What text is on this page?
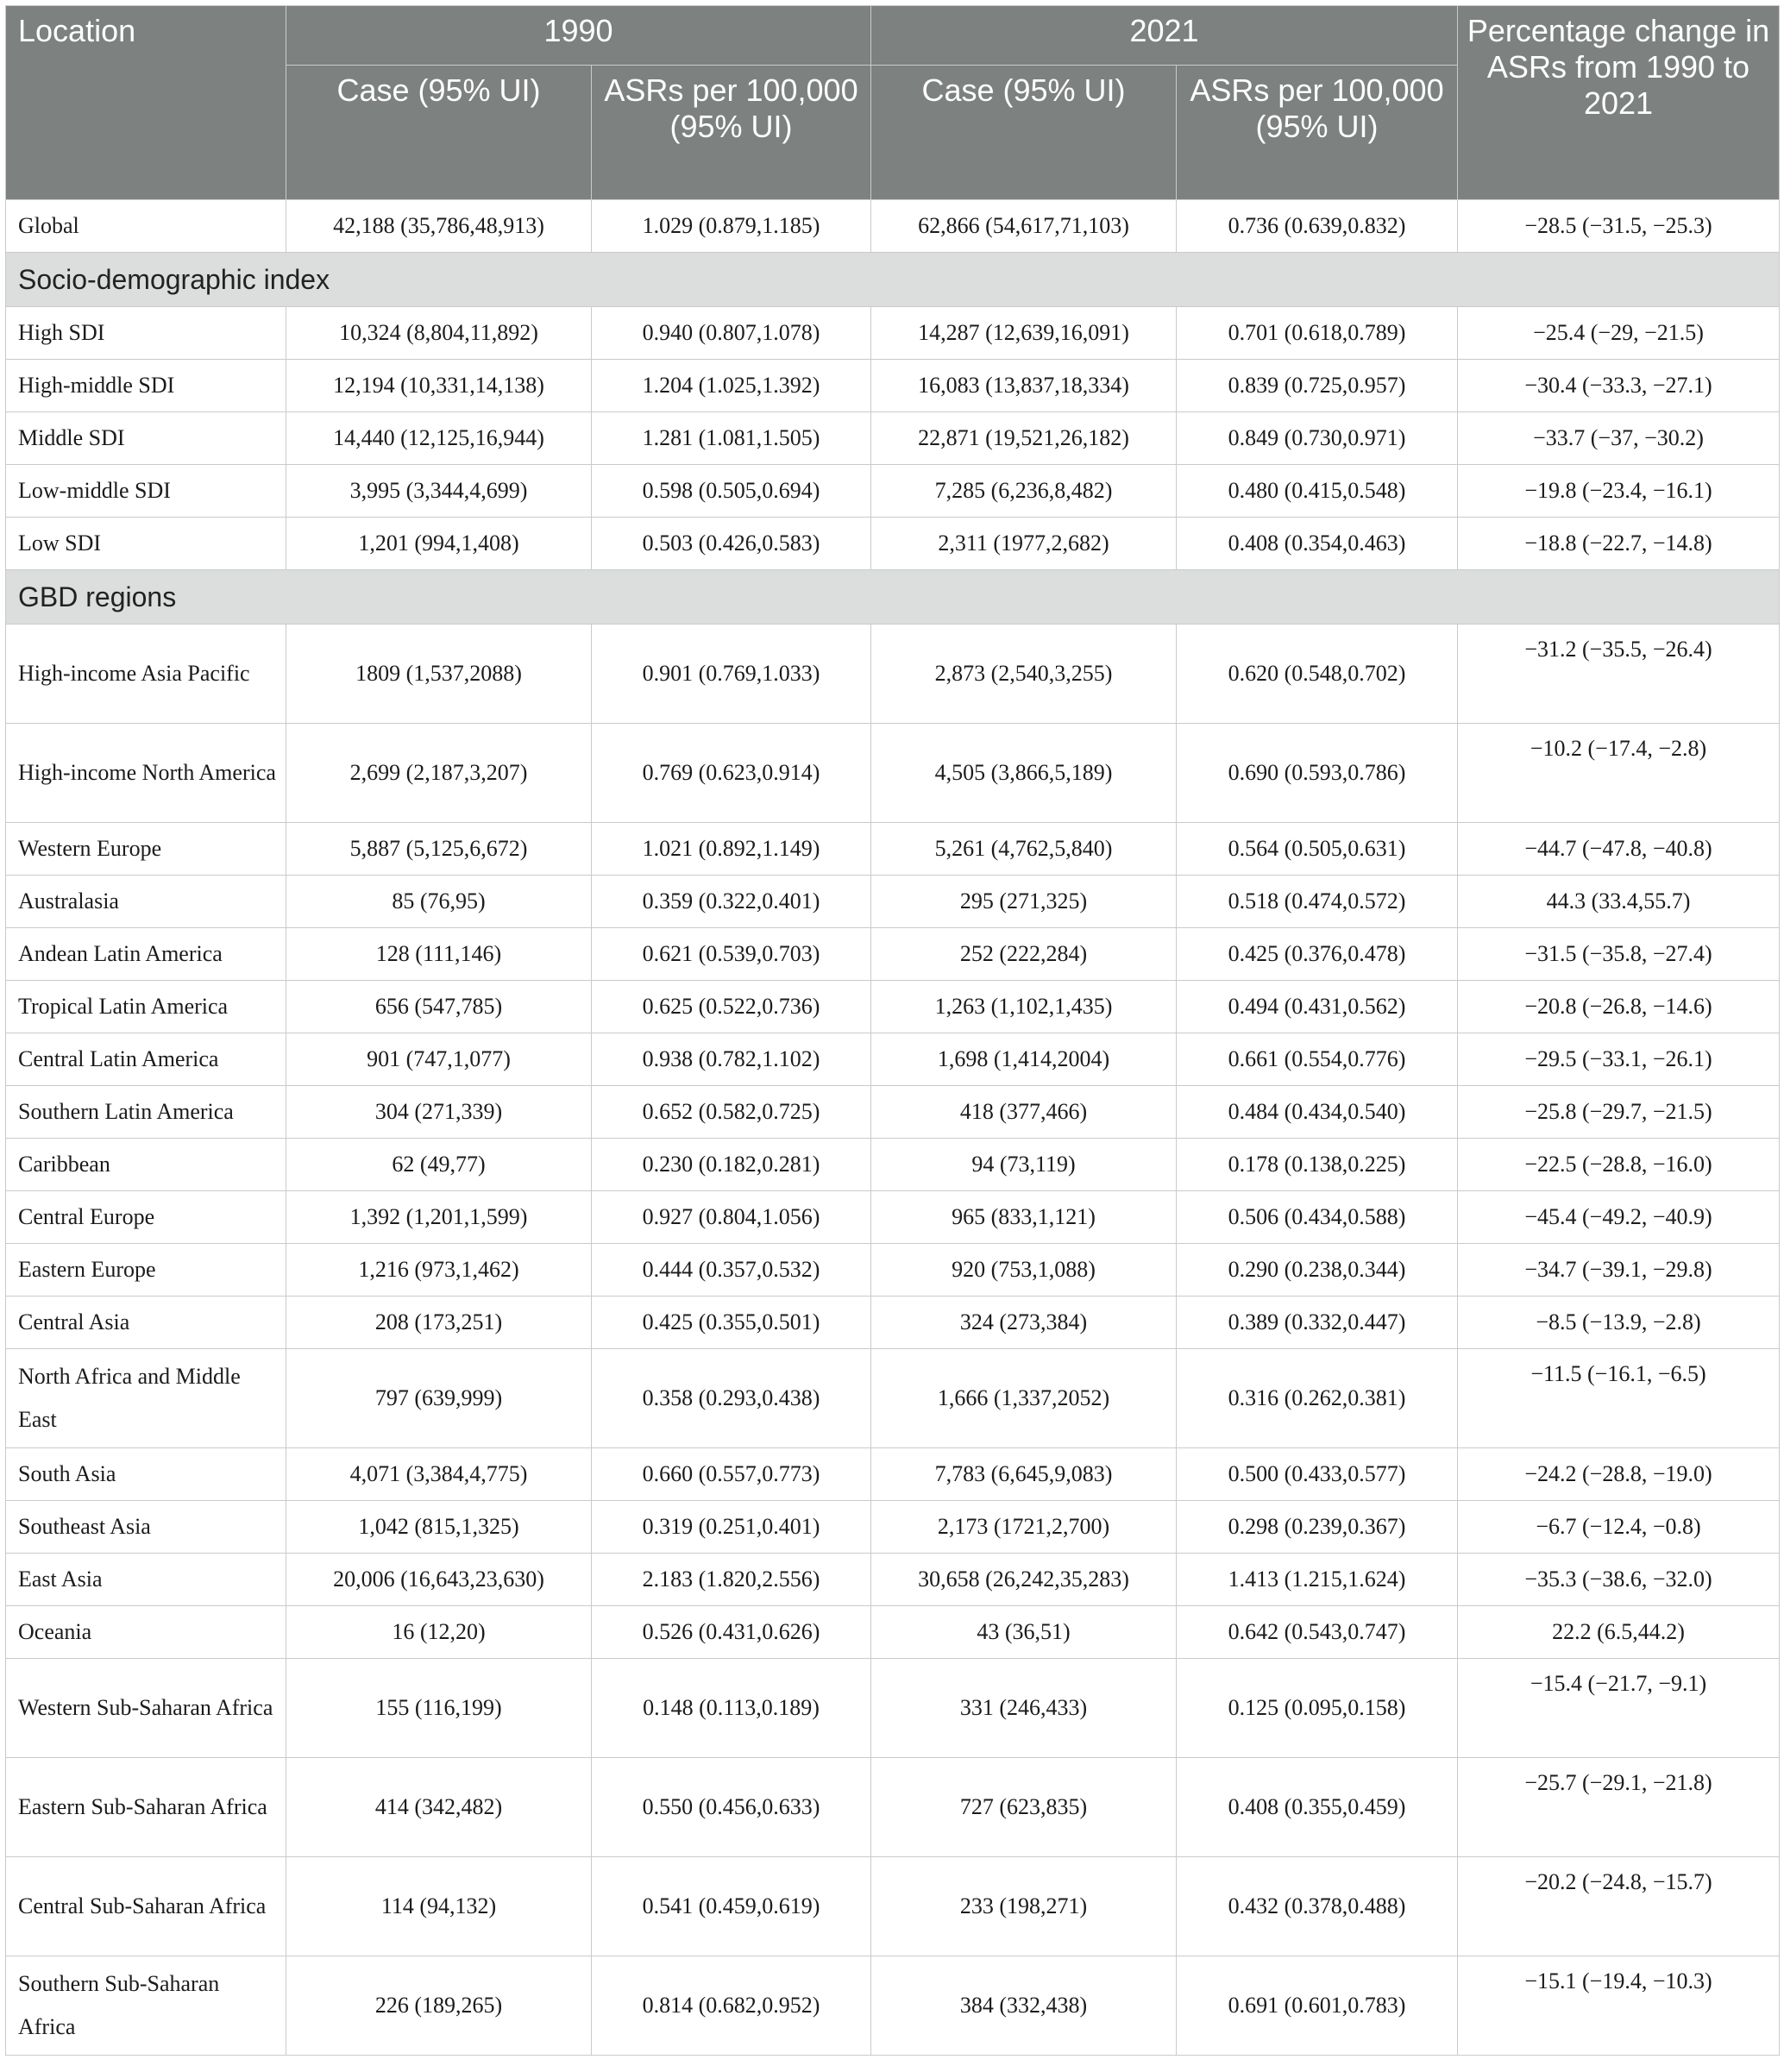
Location	1990		2021		Percentage change in ASRs from 1990 to 2021
	Case (95% UI)	ASRs per 100,000 (95% UI)	Case (95% UI)	ASRs per 100,000 (95% UI)	
Global	42,188 (35,786,48,913)	1.029 (0.879,1.185)	62,866 (54,617,71,103)	0.736 (0.639,0.832)	−28.5 (−31.5, −25.3)
Socio-demographic index					
High SDI	10,324 (8,804,11,892)	0.940 (0.807,1.078)	14,287 (12,639,16,091)	0.701 (0.618,0.789)	−25.4 (−29, −21.5)
High-middle SDI	12,194 (10,331,14,138)	1.204 (1.025,1.392)	16,083 (13,837,18,334)	0.839 (0.725,0.957)	−30.4 (−33.3, −27.1)
Middle SDI	14,440 (12,125,16,944)	1.281 (1.081,1.505)	22,871 (19,521,26,182)	0.849 (0.730,0.971)	−33.7 (−37, −30.2)
Low-middle SDI	3,995 (3,344,4,699)	0.598 (0.505,0.694)	7,285 (6,236,8,482)	0.480 (0.415,0.548)	−19.8 (−23.4, −16.1)
Low SDI	1,201 (994,1,408)	0.503 (0.426,0.583)	2,311 (1977,2,682)	0.408 (0.354,0.463)	−18.8 (−22.7, −14.8)
GBD regions					
High-income Asia Pacific	1809 (1,537,2088)	0.901 (0.769,1.033)	2,873 (2,540,3,255)	0.620 (0.548,0.702)	−31.2 (−35.5, −26.4)
High-income North America	2,699 (2,187,3,207)	0.769 (0.623,0.914)	4,505 (3,866,5,189)	0.690 (0.593,0.786)	−10.2 (−17.4, −2.8)
Western Europe	5,887 (5,125,6,672)	1.021 (0.892,1.149)	5,261 (4,762,5,840)	0.564 (0.505,0.631)	−44.7 (−47.8, −40.8)
Australasia	85 (76,95)	0.359 (0.322,0.401)	295 (271,325)	0.518 (0.474,0.572)	44.3 (33.4,55.7)
Andean Latin America	128 (111,146)	0.621 (0.539,0.703)	252 (222,284)	0.425 (0.376,0.478)	−31.5 (−35.8, −27.4)
Tropical Latin America	656 (547,785)	0.625 (0.522,0.736)	1,263 (1,102,1,435)	0.494 (0.431,0.562)	−20.8 (−26.8, −14.6)
Central Latin America	901 (747,1,077)	0.938 (0.782,1.102)	1,698 (1,414,2004)	0.661 (0.554,0.776)	−29.5 (−33.1, −26.1)
Southern Latin America	304 (271,339)	0.652 (0.582,0.725)	418 (377,466)	0.484 (0.434,0.540)	−25.8 (−29.7, −21.5)
Caribbean	62 (49,77)	0.230 (0.182,0.281)	94 (73,119)	0.178 (0.138,0.225)	−22.5 (−28.8, −16.0)
Central Europe	1,392 (1,201,1,599)	0.927 (0.804,1.056)	965 (833,1,121)	0.506 (0.434,0.588)	−45.4 (−49.2, −40.9)
Eastern Europe	1,216 (973,1,462)	0.444 (0.357,0.532)	920 (753,1,088)	0.290 (0.238,0.344)	−34.7 (−39.1, −29.8)
Central Asia	208 (173,251)	0.425 (0.355,0.501)	324 (273,384)	0.389 (0.332,0.447)	−8.5 (−13.9, −2.8)
North Africa and Middle East	797 (639,999)	0.358 (0.293,0.438)	1,666 (1,337,2052)	0.316 (0.262,0.381)	−11.5 (−16.1, −6.5)
South Asia	4,071 (3,384,4,775)	0.660 (0.557,0.773)	7,783 (6,645,9,083)	0.500 (0.433,0.577)	−24.2 (−28.8, −19.0)
Southeast Asia	1,042 (815,1,325)	0.319 (0.251,0.401)	2,173 (1721,2,700)	0.298 (0.239,0.367)	−6.7 (−12.4, −0.8)
East Asia	20,006 (16,643,23,630)	2.183 (1.820,2.556)	30,658 (26,242,35,283)	1.413 (1.215,1.624)	−35.3 (−38.6, −32.0)
Oceania	16 (12,20)	0.526 (0.431,0.626)	43 (36,51)	0.642 (0.543,0.747)	22.2 (6.5,44.2)
Western Sub-Saharan Africa	155 (116,199)	0.148 (0.113,0.189)	331 (246,433)	0.125 (0.095,0.158)	−15.4 (−21.7, −9.1)
Eastern Sub-Saharan Africa	414 (342,482)	0.550 (0.456,0.633)	727 (623,835)	0.408 (0.355,0.459)	−25.7 (−29.1, −21.8)
Central Sub-Saharan Africa	114 (94,132)	0.541 (0.459,0.619)	233 (198,271)	0.432 (0.378,0.488)	−20.2 (−24.8, −15.7)
Southern Sub-Saharan Africa	226 (189,265)	0.814 (0.682,0.952)	384 (332,438)	0.691 (0.601,0.783)	−15.1 (−19.4, −10.3)
